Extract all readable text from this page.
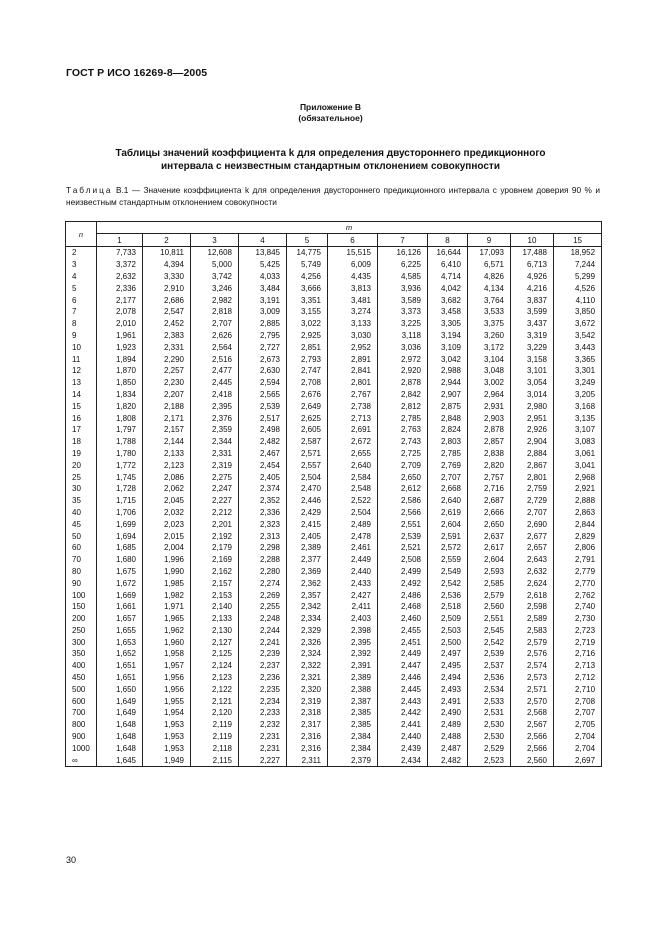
ГОСТ Р ИСО 16269-8—2005
Приложение В
(обязательное)
Таблицы значений коэффициента k для определения двустороннего предикционного
интервала с неизвестным стандартным отклонением совокупности
Таблица В.1 — Значение коэффициента k для определения двустороннего предикционного интервала с уровнем доверия 90 % и неизвестным стандартным отклонением совокупности
n	m										
	1	2	3	4	5	6	7	8	9	10	15
2	7,733	10,811	12,608	13,845	14,775	15,515	16,126	16,644	17,093	17,488	18,952
3	3,372	4,394	5,000	5,425	5,749	6,009	6,225	6,410	6,571	6,713	7,244
4	2,632	3,330	3,742	4,033	4,256	4,435	4,585	4,714	4,826	4,926	5,299
5	2,336	2,910	3,246	3,484	3,666	3,813	3,936	4,042	4,134	4,216	4,526
6	2,177	2,686	2,982	3,191	3,351	3,481	3,589	3,682	3,764	3,837	4,110
7	2,078	2,547	2,818	3,009	3,155	3,274	3,373	3,458	3,533	3,599	3,850
8	2,010	2,452	2,707	2,885	3,022	3,133	3,225	3,305	3,375	3,437	3,672
9	1,961	2,383	2,626	2,795	2,925	3,030	3,118	3,194	3,260	3,319	3,542
10	1,923	2,331	2,564	2,727	2,851	2,952	3,036	3,109	3,172	3,229	3,443
11	1,894	2,290	2,516	2,673	2,793	2,891	2,972	3,042	3,104	3,158	3,365
12	1,870	2,257	2,477	2,630	2,747	2,841	2,920	2,988	3,048	3,101	3,301
13	1,850	2,230	2,445	2,594	2,708	2,801	2,878	2,944	3,002	3,054	3,249
14	1,834	2,207	2,418	2,565	2,676	2,767	2,842	2,907	2,964	3,014	3,205
15	1,820	2,188	2,395	2,539	2,649	2,738	2,812	2,875	2,931	2,980	3,168
16	1,808	2,171	2,376	2,517	2,625	2,713	2,785	2,848	2,903	2,951	3,135
17	1,797	2,157	2,359	2,498	2,605	2,691	2,763	2,824	2,878	2,926	3,107
18	1,788	2,144	2,344	2,482	2,587	2,672	2,743	2,803	2,857	2,904	3,083
19	1,780	2,133	2,331	2,467	2,571	2,655	2,725	2,785	2,838	2,884	3,061
20	1,772	2,123	2,319	2,454	2,557	2,640	2,709	2,769	2,820	2,867	3,041
25	1,745	2,086	2,275	2,405	2,504	2,584	2,650	2,707	2,757	2,801	2,968
30	1,728	2,062	2,247	2,374	2,470	2,548	2,612	2,668	2,716	2,759	2,921
35	1,715	2,045	2,227	2,352	2,446	2,522	2,586	2,640	2,687	2,729	2,888
40	1,706	2,032	2,212	2,336	2,429	2,504	2,566	2,619	2,666	2,707	2,863
45	1,699	2,023	2,201	2,323	2,415	2,489	2,551	2,604	2,650	2,690	2,844
50	1,694	2,015	2,192	2,313	2,405	2,478	2,539	2,591	2,637	2,677	2,829
60	1,685	2,004	2,179	2,298	2,389	2,461	2,521	2,572	2,617	2,657	2,806
70	1,680	1,996	2,169	2,288	2,377	2,449	2,508	2,559	2,604	2,643	2,791
80	1,675	1,990	2,162	2,280	2,369	2,440	2,499	2,549	2,593	2,632	2,779
90	1,672	1,985	2,157	2,274	2,362	2,433	2,492	2,542	2,585	2,624	2,770
100	1,669	1,982	2,153	2,269	2,357	2,427	2,486	2,536	2,579	2,618	2,762
150	1,661	1,971	2,140	2,255	2,342	2,411	2,468	2,518	2,560	2,598	2,740
200	1,657	1,965	2,133	2,248	2,334	2,403	2,460	2,509	2,551	2,589	2,730
250	1,655	1,962	2,130	2,244	2,329	2,398	2,455	2,503	2,545	2,583	2,723
300	1,653	1,960	2,127	2,241	2,326	2,395	2,451	2,500	2,542	2,579	2,719
350	1,652	1,958	2,125	2,239	2,324	2,392	2,449	2,497	2,539	2,576	2,716
400	1,651	1,957	2,124	2,237	2,322	2,391	2,447	2,495	2,537	2,574	2,713
450	1,651	1,956	2,123	2,236	2,321	2,389	2,446	2,494	2,536	2,573	2,712
500	1,650	1,956	2,122	2,235	2,320	2,388	2,445	2,493	2,534	2,571	2,710
600	1,649	1,955	2,121	2,234	2,319	2,387	2,443	2,491	2,533	2,570	2,708
700	1,649	1,954	2,120	2,233	2,318	2,385	2,442	2,490	2,531	2,568	2,707
800	1,648	1,953	2,119	2,232	2,317	2,385	2,441	2,489	2,530	2,567	2,705
900	1,648	1,953	2,119	2,231	2,316	2,384	2,440	2,488	2,530	2,566	2,704
1000	1,648	1,953	2,118	2,231	2,316	2,384	2,439	2,487	2,529	2,566	2,704
∞	1,645	1,949	2,115	2,227	2,311	2,379	2,434	2,482	2,523	2,560	2,697
30
